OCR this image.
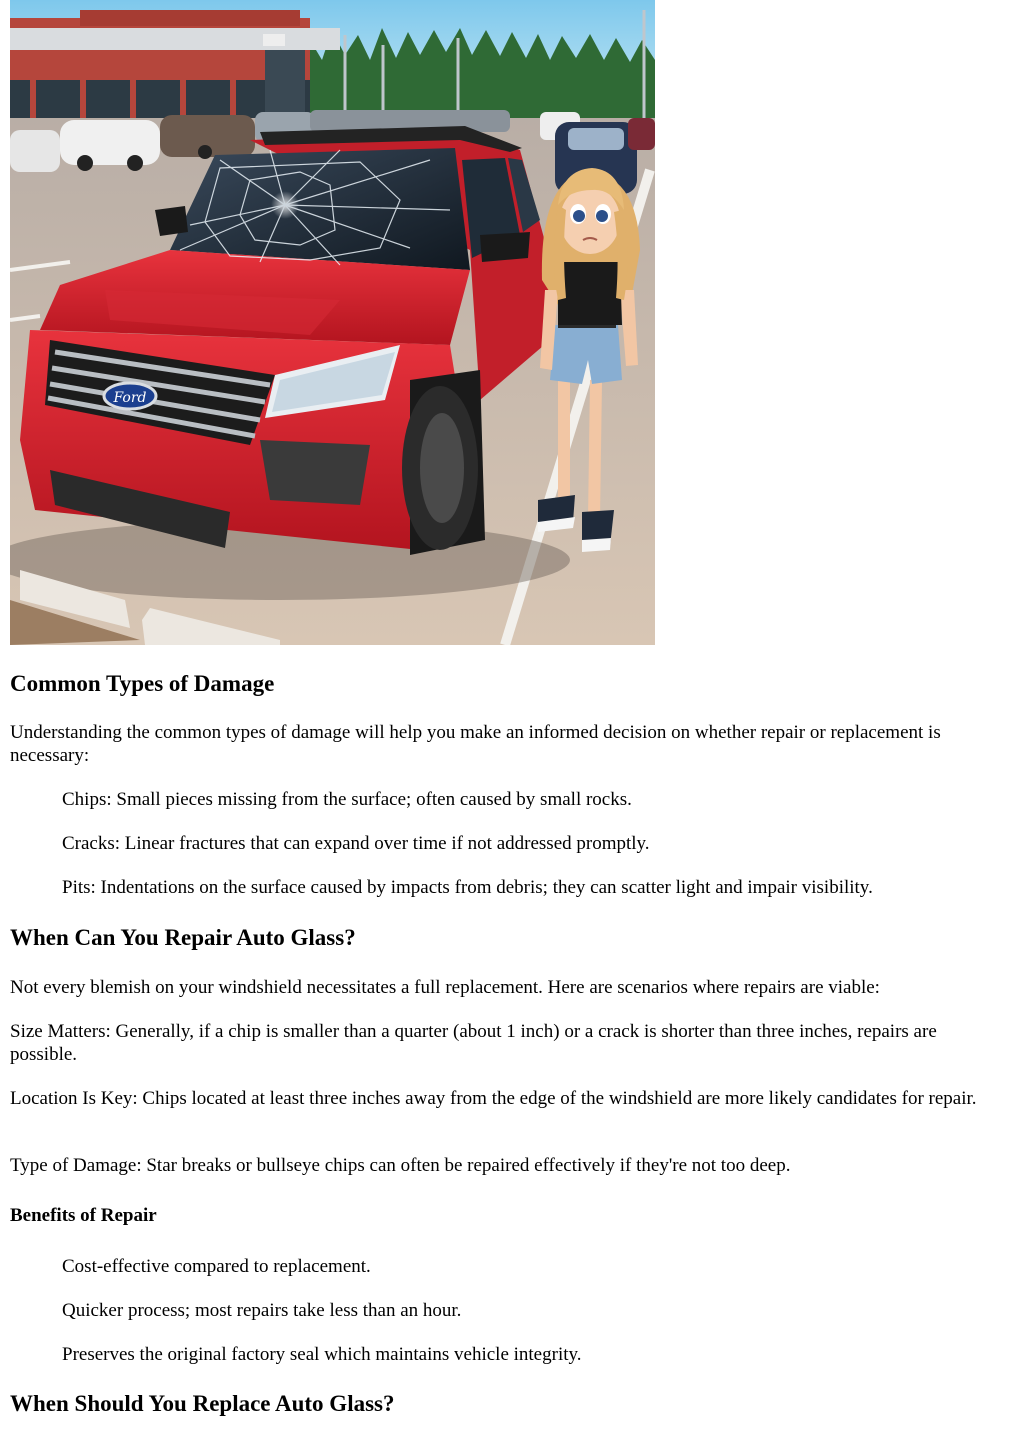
Ford
Common Types of Damage

Understanding the common types of damage will help you make an informed decision on whether repair or replacement is necessary:

Chips: Small pieces missing from the surface; often caused by small rocks.

Cracks: Linear fractures that can expand over time if not addressed promptly.

Pits: Indentations on the surface caused by impacts from debris; they can scatter light and impair visibility.

When Can You Repair Auto Glass?

Not every blemish on your windshield necessitates a full replacement. Here are scenarios where repairs are viable:

Size Matters: Generally, if a chip is smaller than a quarter (about 1 inch) or a crack is shorter than three inches, repairs are possible.

Location Is Key: Chips located at least three inches away from the edge of the windshield are more likely candidates for repair.

Type of Damage: Star breaks or bullseye chips can often be repaired effectively if they're not too deep.

Benefits of Repair

Cost-effective compared to replacement.

Quicker process; most repairs take less than an hour.

Preserves the original factory seal which maintains vehicle integrity.

When Should You Replace Auto Glass?
